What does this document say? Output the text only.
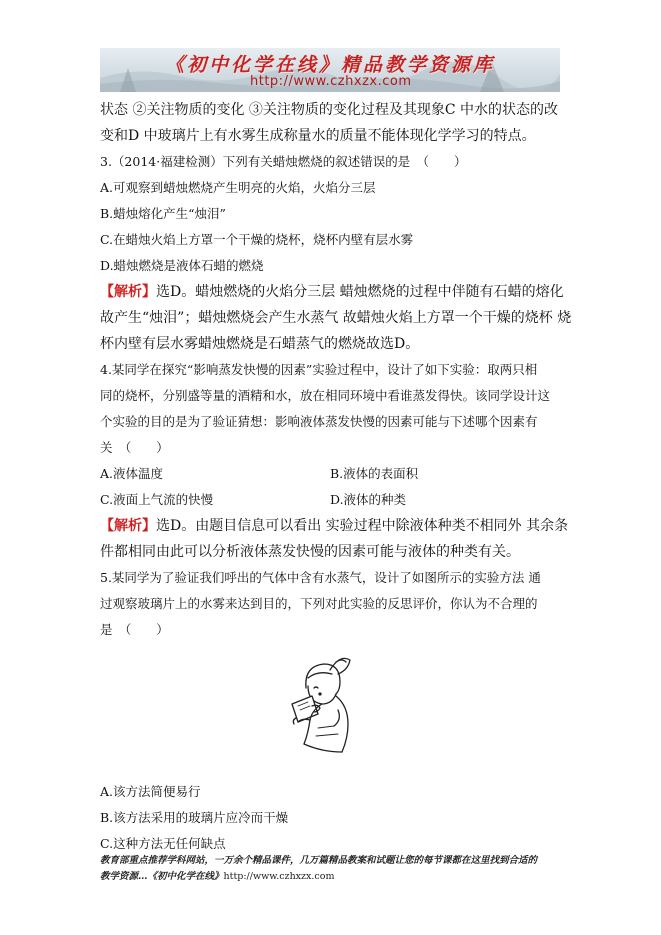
《初中化学在线》精品教学资源库
http://www.czhxzx.com
状态 ②关注物质的变化 ③关注物质的变化过程及其现象C 中水的状态的改
变和D 中玻璃片上有水雾生成称量水的质量不能体现化学学习的特点。
3.（2014·福建检测）下列有关蜡烛燃烧的叙述错误的是　（　　）
A.可观察到蜡烛燃烧产生明亮的火焰，火焰分三层
B.蜡烛熔化产生“烛泪”
C.在蜡烛火焰上方罩一个干燥的烧杯，烧杯内壁有层水雾
D.蜡烛燃烧是液体石蜡的燃烧
【解析】选D。蜡烛燃烧的火焰分三层 蜡烛燃烧的过程中伴随有石蜡的熔化
故产生“烛泪”；蜡烛燃烧会产生水蒸气 故蜡烛火焰上方罩一个干燥的烧杯 烧
杯内壁有层水雾蜡烛燃烧是石蜡蒸气的燃烧故选D。
4.某同学在探究“影响蒸发快慢的因素”实验过程中，设计了如下实验：取两只相
同的烧杯，分别盛等量的酒精和水，放在相同环境中看谁蒸发得快。该同学设计这
个实验的目的是为了验证猜想：影响液体蒸发快慢的因素可能与下述哪个因素有
关　（　　）
A.液体温度	B.液体的表面积
C.液面上气流的快慢	D.液体的种类
【解析】选D。由题目信息可以看出 实验过程中除液体种类不相同外 其余条
件都相同由此可以分析液体蒸发快慢的因素可能与液体的种类有关。
5.某同学为了验证我们呼出的气体中含有水蒸气，设计了如图所示的实验方法 通
过观察玻璃片上的水雾来达到目的，下列对此实验的反思评价，你认为不合理的
是　（　　）
A.该方法简便易行
B.该方法采用的玻璃片应冷而干燥
C.这种方法无任何缺点
教育部重点推荐学科网站，一万余个精品课件，几万篇精品教案和试题让您的每节课都在这里找到合适的
教学资源…《初中化学在线》http://www.czhxzx.com
